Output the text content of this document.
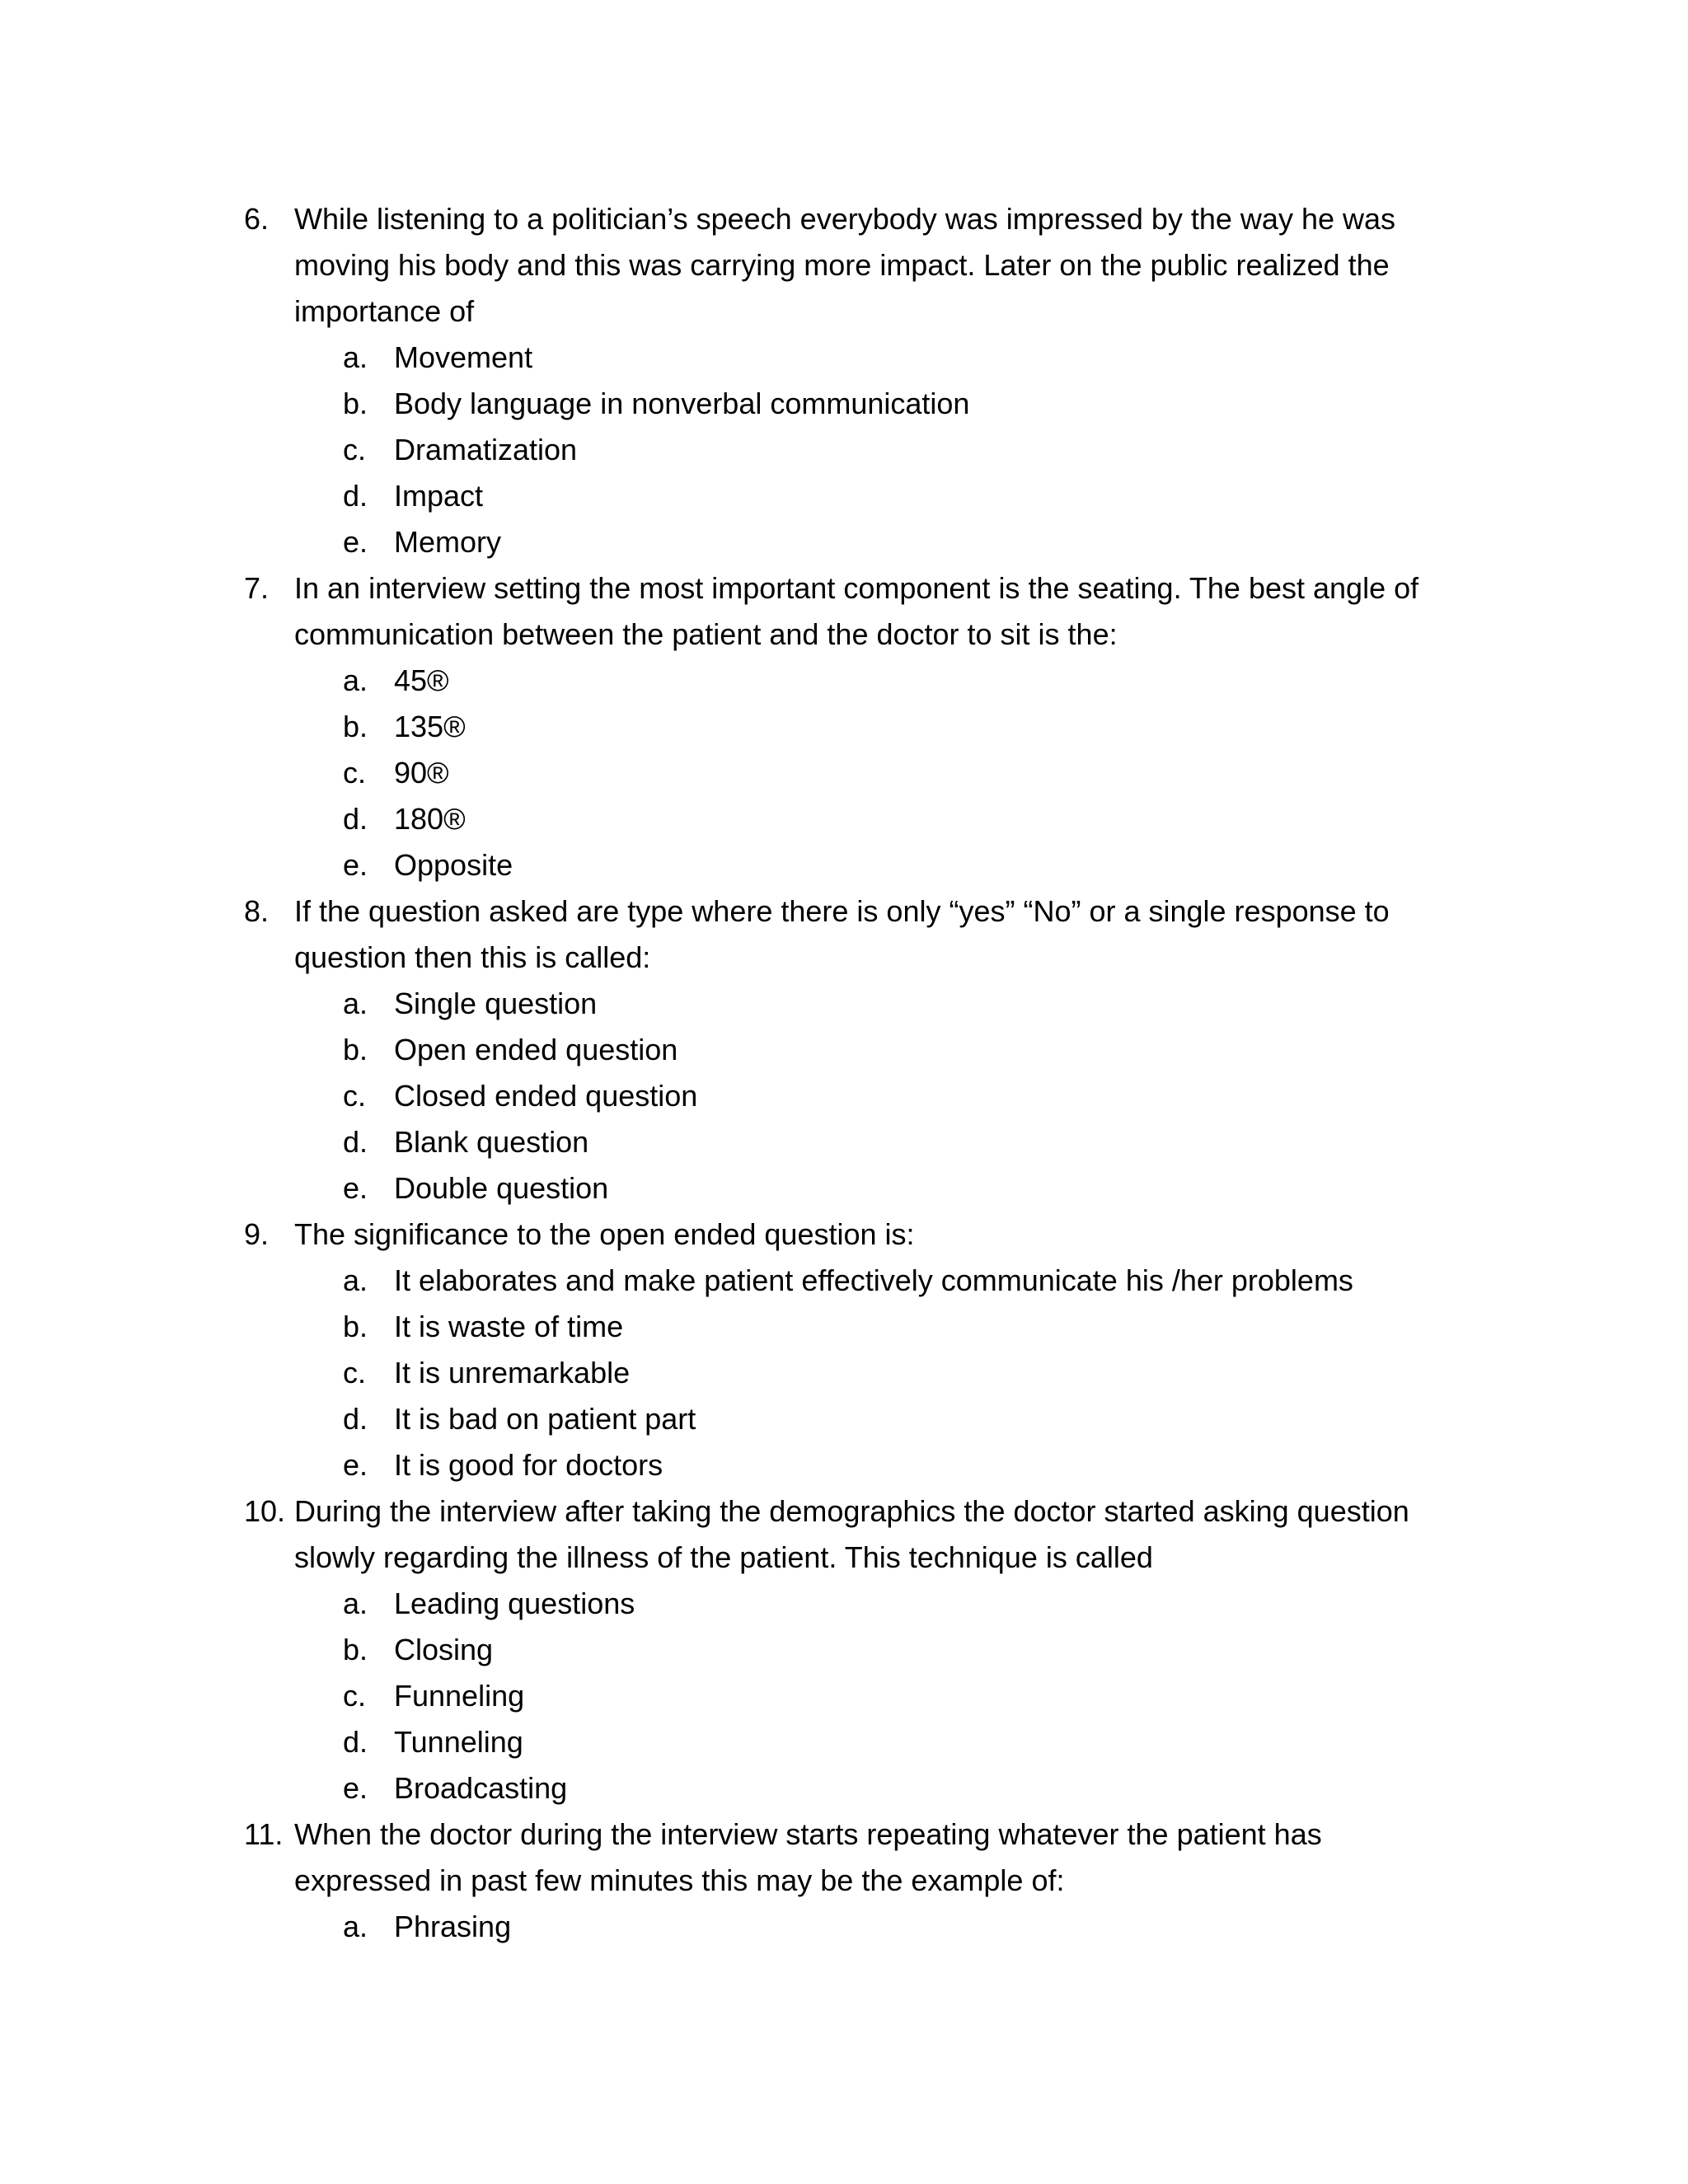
6. While listening to a politician’s speech everybody was impressed by the way he was moving his body and this was carrying more impact. Later on the public realized the importance of
a. Movement
b. Body language in nonverbal communication
c. Dramatization
d. Impact
e. Memory
7. In an interview setting the most important component is the seating. The best angle of communication between the patient and the doctor to sit is the:
a. 45®
b. 135®
c. 90®
d. 180®
e. Opposite
8. If the question asked are type where there is only “yes” “No” or a single response to question then this is called:
a. Single question
b. Open ended question
c. Closed ended question
d. Blank question
e. Double question
9. The significance to the open ended question is:
a. It elaborates and make patient effectively communicate his /her problems
b. It is waste of time
c. It is unremarkable
d. It is bad on patient part
e. It is good for doctors
10. During the interview after taking the demographics the doctor started asking question slowly regarding the illness of the patient. This technique is called
a. Leading questions
b. Closing
c. Funneling
d. Tunneling
e. Broadcasting
11. When the doctor during the interview starts repeating whatever the patient has expressed in past few minutes this may be the example of:
a. Phrasing
